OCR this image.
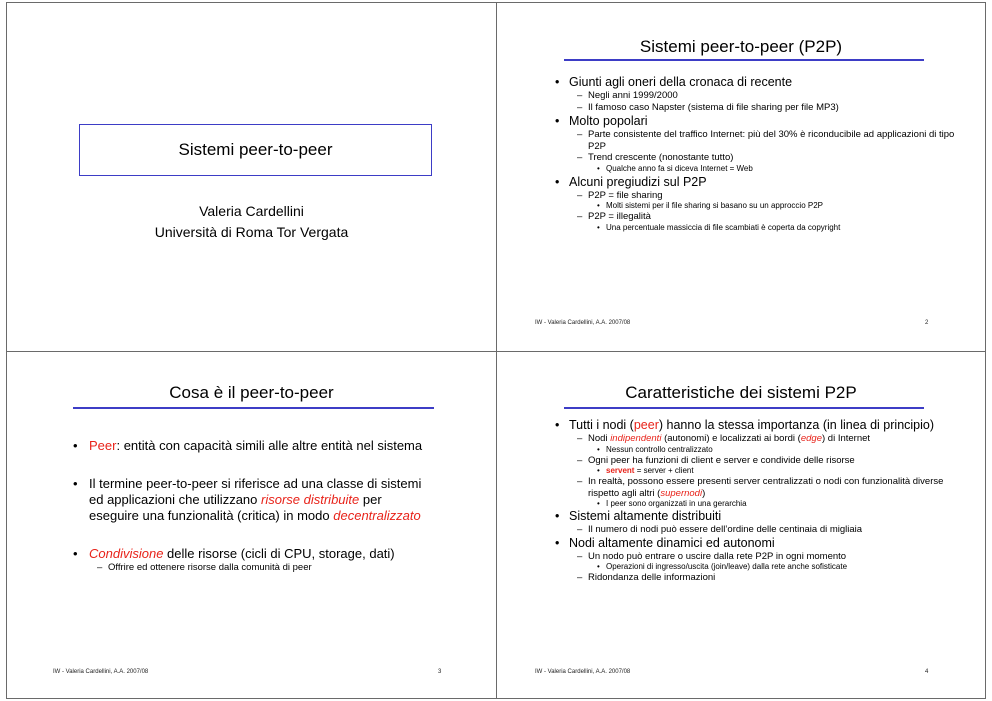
Sistemi peer-to-peer
Valeria Cardellini
Università di Roma Tor Vergata
Sistemi peer-to-peer (P2P)
• Giunti agli oneri della cronaca di recente
– Negli anni 1999/2000
– Il famoso caso Napster (sistema di file sharing per file MP3)
• Molto popolari
– Parte consistente del traffico Internet: più del 30% è riconducibile ad applicazioni di tipo P2P
– Trend crescente (nonostante tutto)
• Qualche anno fa si diceva Internet = Web
• Alcuni pregiudizi sul P2P
– P2P = file sharing
• Molti sistemi per il file sharing si basano su un approccio P2P
– P2P = illegalità
• Una percentuale massiccia di file scambiati è coperta da copyright
IW - Valeria Cardellini, A.A. 2007/08	2
Cosa è il peer-to-peer
• Peer: entità con capacità simili alle altre entità nel sistema
• Il termine peer-to-peer si riferisce ad una classe di sistemi ed applicazioni che utilizzano risorse distribuite per eseguire una funzionalità (critica) in modo decentralizzato
• Condivisione delle risorse (cicli di CPU, storage, dati)
– Offrire ed ottenere risorse dalla comunità di peer
IW - Valeria Cardellini, A.A. 2007/08	3
Caratteristiche dei sistemi P2P
• Tutti i nodi (peer) hanno la stessa importanza (in linea di principio)
– Nodi indipendenti (autonomi) e localizzati ai bordi (edge) di Internet
• Nessun controllo centralizzato
– Ogni peer ha funzioni di client e server e condivide delle risorse
• servent = server + client
– In realtà, possono essere presenti server centralizzati o nodi con funzionalità diverse rispetto agli altri (supernodi)
• I peer sono organizzati in una gerarchia
• Sistemi altamente distribuiti
– Il numero di nodi può essere dell’ordine delle centinaia di migliaia
• Nodi altamente dinamici ed autonomi
– Un nodo può entrare o uscire dalla rete P2P in ogni momento
• Operazioni di ingresso/uscita (join/leave) dalla rete anche sofisticate
– Ridondanza delle informazioni
IW - Valeria Cardellini, A.A. 2007/08	4
